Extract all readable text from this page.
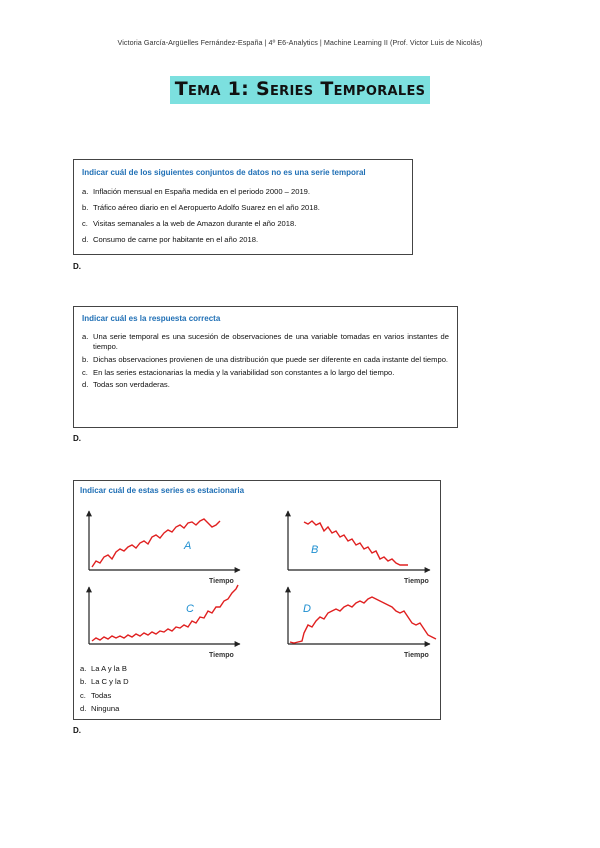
Victoria García-Argüelles Fernández-España | 4º E6-Analytics | Machine Learning II (Prof. Victor Luis de Nicolás)
Tema 1: Series Temporales
Indicar cuál de los siguientes conjuntos de datos no es una serie temporal
a. Inflación mensual en España medida en el periodo 2000 – 2019.
b. Tráfico aéreo diario en el Aeropuerto Adolfo Suarez en el año 2018.
c. Visitas semanales a la web de Amazon durante el año 2018.
d. Consumo de carne por habitante en el año 2018.
D.
Indicar cuál es la respuesta correcta
a. Una serie temporal es una sucesión de observaciones de una variable tomadas en varios instantes de tiempo.
b. Dichas observaciones provienen de una distribución que puede ser diferente en cada instante del tiempo.
c. En las series estacionarias la media y la variabilidad son constantes a lo largo del tiempo.
d. Todas son verdaderas.
D.
Indicar cuál de estas series es estacionaria
A
Tiempo
B
Tiempo
C
Tiempo
D
Tiempo
a. La A y la B
b. La C y la D
c. Todas
d. Ninguna
D.
